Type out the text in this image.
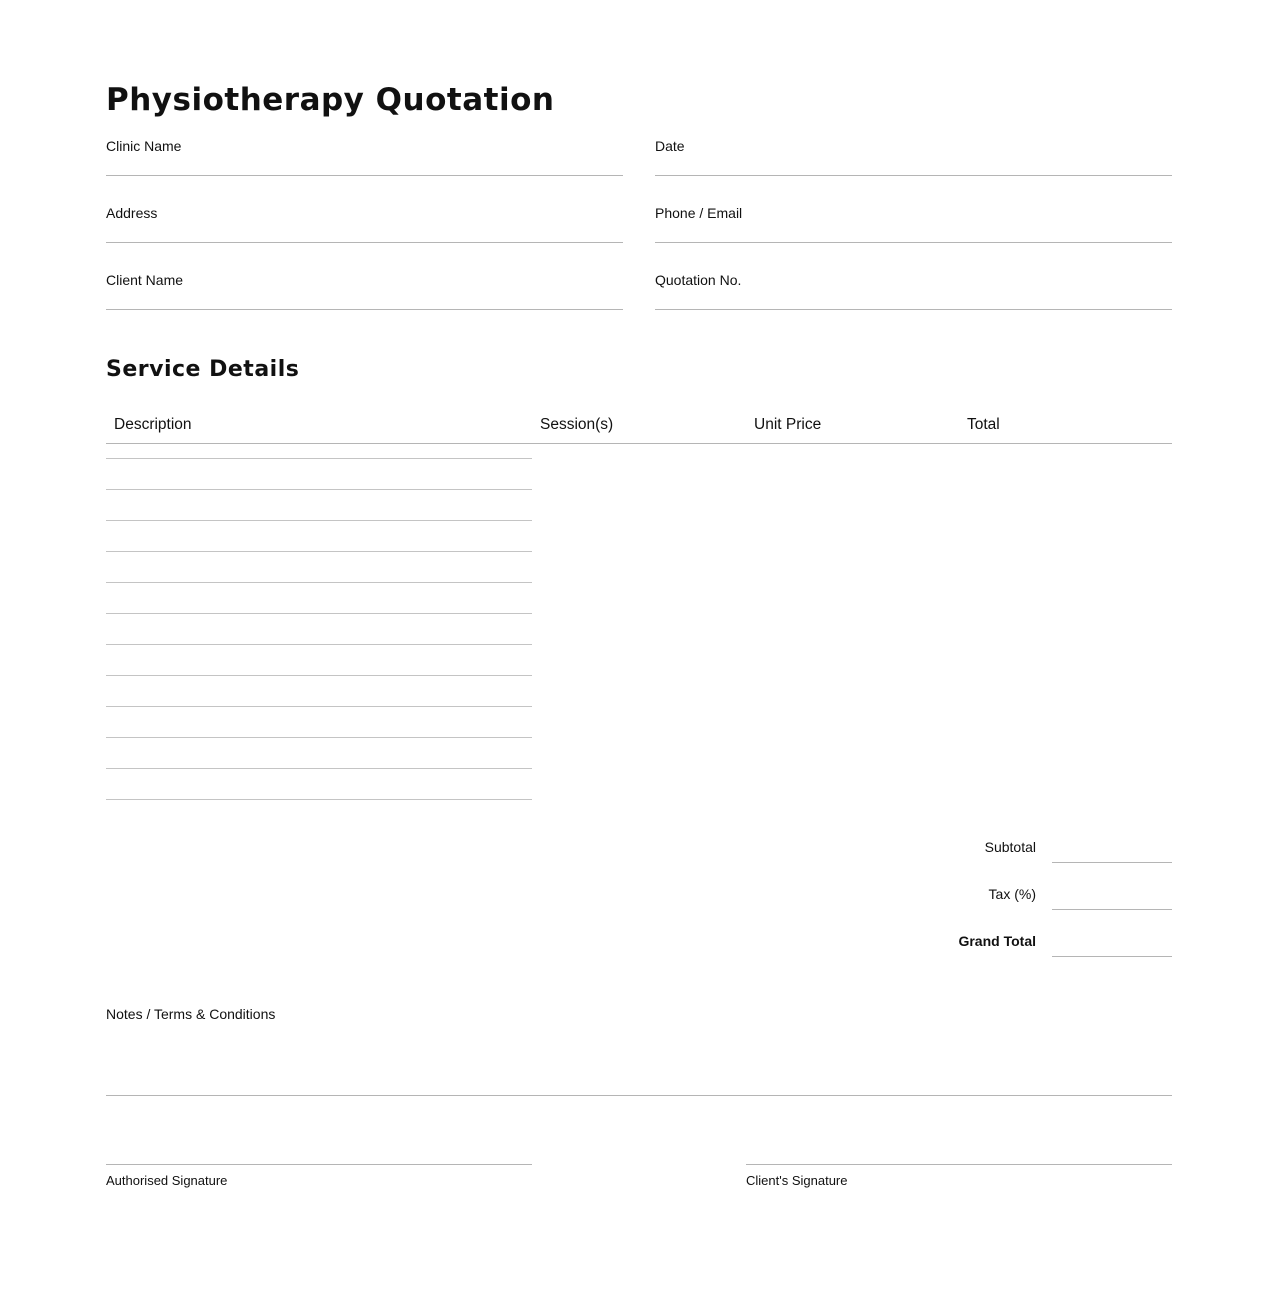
Physiotherapy Quotation
Clinic Name	Date
Address	Phone / Email
Client Name	Quotation No.
Service Details
Description	Session(s)	Unit Price	Total
Subtotal
Tax (%)
Grand Total
Notes / Terms & Conditions
Authorised Signature	Client's Signature
